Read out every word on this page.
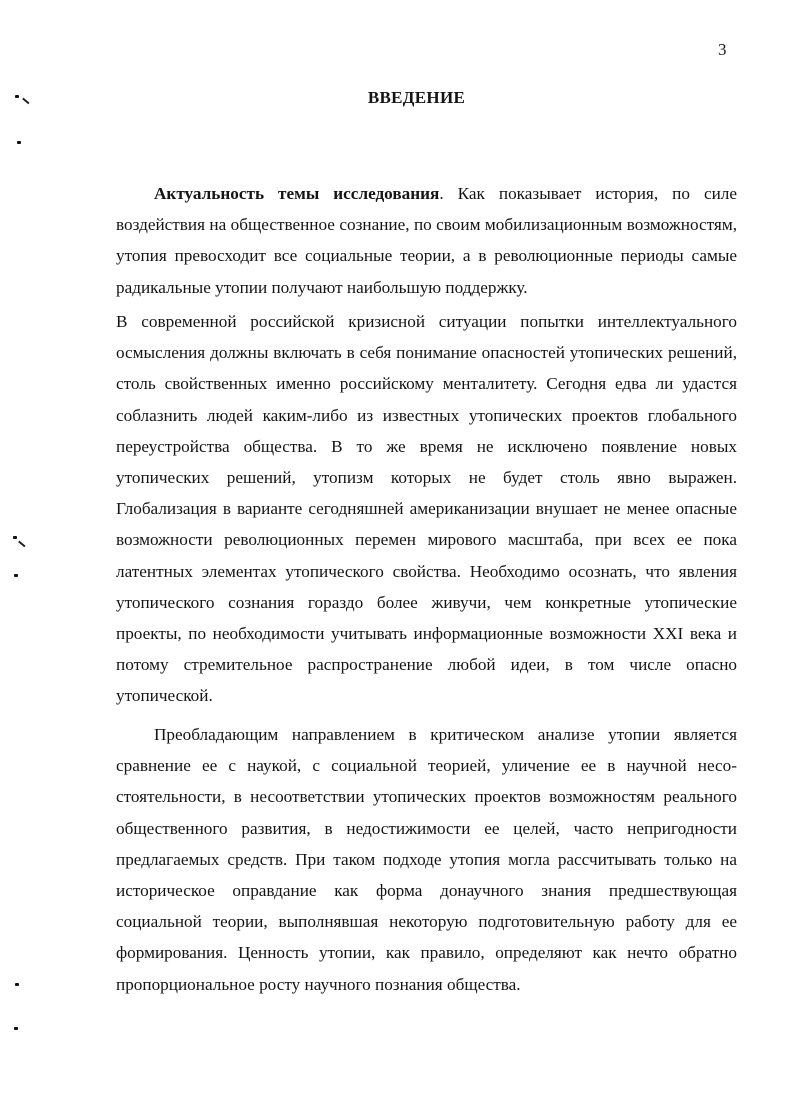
3
ВВЕДЕНИЕ

Актуальность темы исследования. Как показывает история, по силе воздействия на общественное сознание, по своим мобилизационным возможностям, утопия превосходит все социальные теории, а в революционные периоды самые радикальные утопии получают наибольшую поддержку.

В современной российской кризисной ситуации попытки интеллектуального осмысления должны включать в себя понимание опасностей утопических решений, столь свойственных именно российскому менталитету. Сегодня едва ли удастся соблазнить людей каким-либо из известных утопических проектов глобального переустройства общества. В то же время не исключено появление новых утопических решений, утопизм которых не будет столь явно выражен. Глобализация в варианте сегодняшней американизации внушает не менее опасные возможности революционных перемен мирового масштаба, при всех ее пока латентных элементах утопического свойства. Необходимо осознать, что явления утопического сознания гораздо более живучи, чем конкретные утопические проекты, по необходимости учитывать информационные возможности XXI века и потому стремительное распространение любой идеи, в том числе опасно утопической.

Преобладающим направлением в критическом анализе утопии является сравнение ее с наукой, с социальной теорией, уличение ее в научной несостоятельности, в несоответствии утопических проектов возможностям реального общественного развития, в недостижимости ее целей, часто непригодности предлагаемых средств. При таком подходе утопия могла рассчитывать только на историческое оправдание как форма донаучного знания предшествующая социальной теории, выполнявшая некоторую подготовительную работу для ее формирования. Ценность утопии, как правило, определяют как нечто обратно пропорциональное росту научного познания общества.
